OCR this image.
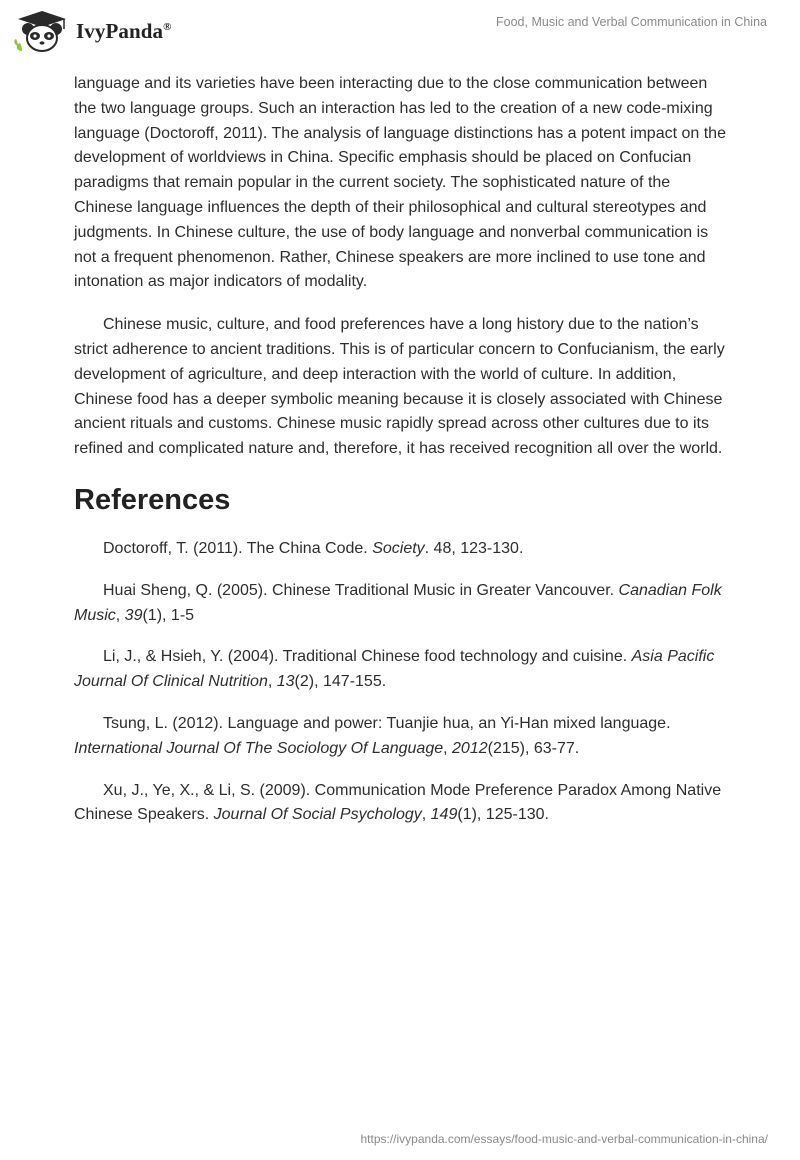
IvyPanda®	Food, Music and Verbal Communication in China

language and its varieties have been interacting due to the close communication between the two language groups. Such an interaction has led to the creation of a new code-mixing language (Doctoroff, 2011). The analysis of language distinctions has a potent impact on the development of worldviews in China. Specific emphasis should be placed on Confucian paradigms that remain popular in the current society. The sophisticated nature of the Chinese language influences the depth of their philosophical and cultural stereotypes and judgments. In Chinese culture, the use of body language and nonverbal communication is not a frequent phenomenon. Rather, Chinese speakers are more inclined to use tone and intonation as major indicators of modality.

Chinese music, culture, and food preferences have a long history due to the nation’s strict adherence to ancient traditions. This is of particular concern to Confucianism, the early development of agriculture, and deep interaction with the world of culture. In addition, Chinese food has a deeper symbolic meaning because it is closely associated with Chinese ancient rituals and customs. Chinese music rapidly spread across other cultures due to its refined and complicated nature and, therefore, it has received recognition all over the world.

References

Doctoroff, T. (2011). The China Code. Society. 48, 123-130.

Huai Sheng, Q. (2005). Chinese Traditional Music in Greater Vancouver. Canadian Folk Music, 39(1), 1-5

Li, J., & Hsieh, Y. (2004). Traditional Chinese food technology and cuisine. Asia Pacific Journal Of Clinical Nutrition, 13(2), 147-155.

Tsung, L. (2012). Language and power: Tuanjie hua, an Yi-Han mixed language. International Journal Of The Sociology Of Language, 2012(215), 63-77.

Xu, J., Ye, X., & Li, S. (2009). Communication Mode Preference Paradox Among Native Chinese Speakers. Journal Of Social Psychology, 149(1), 125-130.

https://ivypanda.com/essays/food-music-and-verbal-communication-in-china/
